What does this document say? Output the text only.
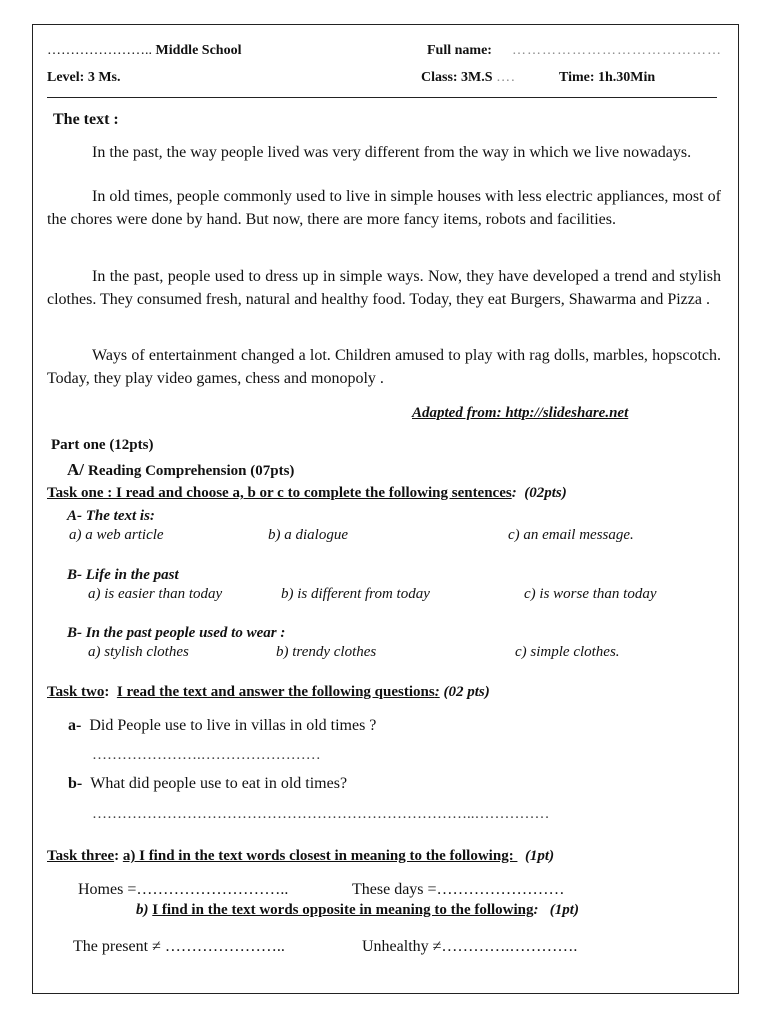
………………….. Middle School	Full name: ……………………………………
Level: 3 Ms.	Class: 3M.S ….	Time: 1h.30Min
The text :
In the past, the way people lived was very different from the way in which we live nowadays.
In old times, people commonly used to live in simple houses with less electric appliances, most of the chores were done by hand. But now, there are more fancy items, robots and facilities.
In the past, people used to dress up in simple ways. Now, they have developed a trend and stylish clothes. They consumed fresh, natural and healthy food. Today, they eat Burgers, Shawarma and Pizza .
Ways of entertainment changed a lot. Children amused to play with rag dolls, marbles, hopscotch. Today, they play video games, chess and monopoly .
Adapted from: http://slideshare.net
Part one (12pts)
A/ Reading Comprehension (07pts)
Task one : I read and choose a, b or c to complete the following sentences: (02pts)
A- The text is:
a) a web article	b) a dialogue	c) an email message.
B- Life in the past
a) is easier than today	b) is different from today	c) is worse than today
B- In the past people used to wear :
a) stylish clothes	b) trendy clothes	c) simple clothes.
Task two: I read the text and answer the following questions: (02 pts)
a- Did People use to live in villas in old times ?
………………….……………………
b- What did people use to eat in old times?
…………………………………………………………………..……………
Task three: a) I find in the text words closest in meaning to the following:   (1pt)
Homes =………………………..	These days =……………………
b) I find in the text words opposite in meaning to the following: (1pt)
The present ≠ …………………..	Unhealthy ≠………….………….
